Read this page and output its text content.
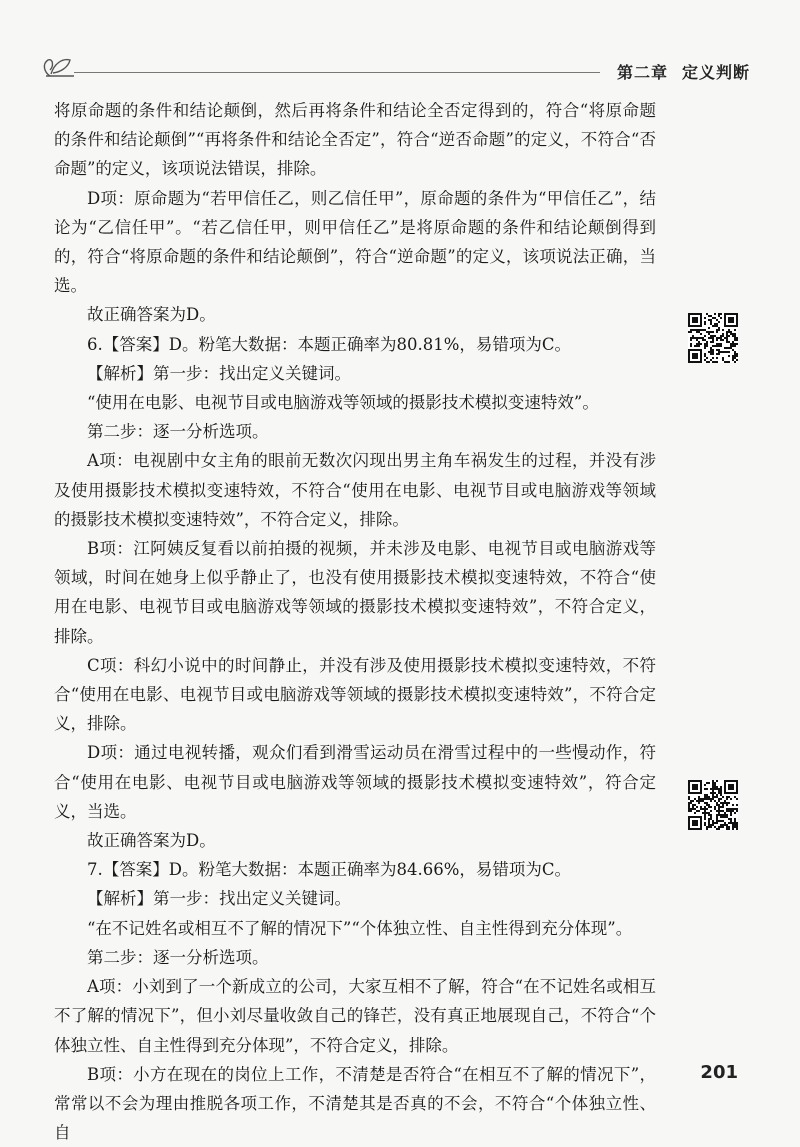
第二章 定义判断

将原命题的条件和结论颠倒，然后再将条件和结论全否定得到的，符合“将原命题的条件和结论颠倒”“再将条件和结论全否定”，符合“逆否命题”的定义，不符合“否命题”的定义，该项说法错误，排除。

D项：原命题为“若甲信任乙，则乙信任甲”，原命题的条件为“甲信任乙”，结论为“乙信任甲”。“若乙信任甲，则甲信任乙”是将原命题的条件和结论颠倒得到的，符合“将原命题的条件和结论颠倒”，符合“逆命题”的定义，该项说法正确，当选。

故正确答案为D。

6.【答案】D。粉笔大数据：本题正确率为80.81%，易错项为C。

【解析】第一步：找出定义关键词。

“使用在电影、电视节目或电脑游戏等领域的摄影技术模拟变速特效”。

第二步：逐一分析选项。

A项：电视剧中女主角的眼前无数次闪现出男主角车祸发生的过程，并没有涉及使用摄影技术模拟变速特效，不符合“使用在电影、电视节目或电脑游戏等领域的摄影技术模拟变速特效”，不符合定义，排除。

B项：江阿姨反复看以前拍摄的视频，并未涉及电影、电视节目或电脑游戏等领域，时间在她身上似乎静止了，也没有使用摄影技术模拟变速特效，不符合“使用在电影、电视节目或电脑游戏等领域的摄影技术模拟变速特效”，不符合定义，排除。

C项：科幻小说中的时间静止，并没有涉及使用摄影技术模拟变速特效，不符合“使用在电影、电视节目或电脑游戏等领域的摄影技术模拟变速特效”，不符合定义，排除。

D项：通过电视转播，观众们看到滑雪运动员在滑雪过程中的一些慢动作，符合“使用在电影、电视节目或电脑游戏等领域的摄影技术模拟变速特效”，符合定义，当选。

故正确答案为D。

7.【答案】D。粉笔大数据：本题正确率为84.66%，易错项为C。

【解析】第一步：找出定义关键词。

“在不记姓名或相互不了解的情况下”“个体独立性、自主性得到充分体现”。

第二步：逐一分析选项。

A项：小刘到了一个新成立的公司，大家互相不了解，符合“在不记姓名或相互不了解的情况下”，但小刘尽量收敛自己的锋芒，没有真正地展现自己，不符合“个体独立性、自主性得到充分体现”，不符合定义，排除。

B项：小方在现在的岗位上工作，不清楚是否符合“在相互不了解的情况下”，常常以不会为理由推脱各项工作，不清楚其是否真的不会，不符合“个体独立性、自

201
